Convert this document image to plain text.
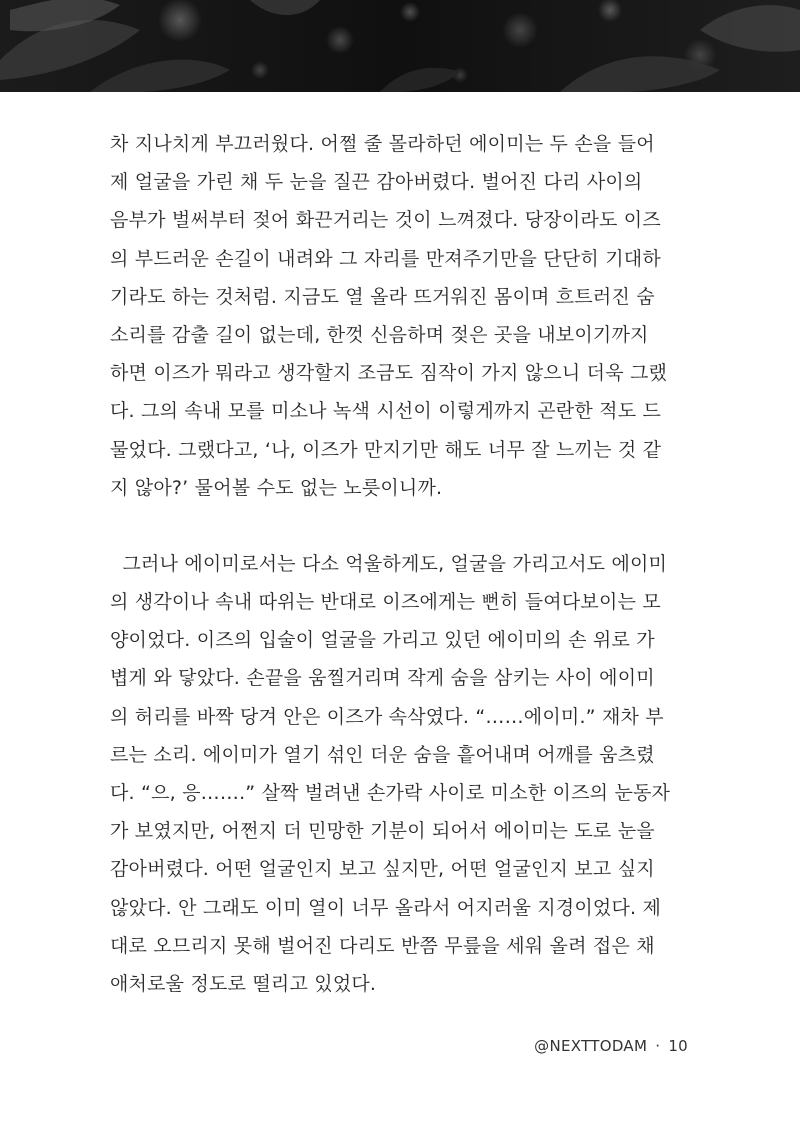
차 지나치게 부끄러웠다. 어쩔 줄 몰라하던 에이미는 두 손을 들어
제 얼굴을 가린 채 두 눈을 질끈 감아버렸다. 벌어진 다리 사이의
음부가 벌써부터 젖어 화끈거리는 것이 느껴졌다. 당장이라도 이즈
의 부드러운 손길이 내려와 그 자리를 만져주기만을 단단히 기대하
기라도 하는 것처럼. 지금도 열 올라 뜨거워진 몸이며 흐트러진 숨
소리를 감출 길이 없는데, 한껏 신음하며 젖은 곳을 내보이기까지
하면 이즈가 뭐라고 생각할지 조금도 짐작이 가지 않으니 더욱 그랬
다. 그의 속내 모를 미소나 녹색 시선이 이렇게까지 곤란한 적도 드
물었다. 그랬다고, ‘나, 이즈가 만지기만 해도 너무 잘 느끼는 것 같
지 않아?’ 물어볼 수도 없는 노릇이니까.

그러나 에이미로서는 다소 억울하게도, 얼굴을 가리고서도 에이미
의 생각이나 속내 따위는 반대로 이즈에게는 뻔히 들여다보이는 모
양이었다. 이즈의 입술이 얼굴을 가리고 있던 에이미의 손 위로 가
볍게 와 닿았다. 손끝을 움찔거리며 작게 숨을 삼키는 사이 에이미
의 허리를 바짝 당겨 안은 이즈가 속삭였다. “……에이미.” 재차 부
르는 소리. 에이미가 열기 섞인 더운 숨을 흩어내며 어깨를 움츠렸
다. “으, 응…….” 살짝 벌려낸 손가락 사이로 미소한 이즈의 눈동자
가 보였지만, 어쩐지 더 민망한 기분이 되어서 에이미는 도로 눈을
감아버렸다. 어떤 얼굴인지 보고 싶지만, 어떤 얼굴인지 보고 싶지
않았다. 안 그래도 이미 열이 너무 올라서 어지러울 지경이었다. 제
대로 오므리지 못해 벌어진 다리도 반쯤 무릎을 세워 올려 접은 채
애처로울 정도로 떨리고 있었다.

@NEXTTODAM · 10
